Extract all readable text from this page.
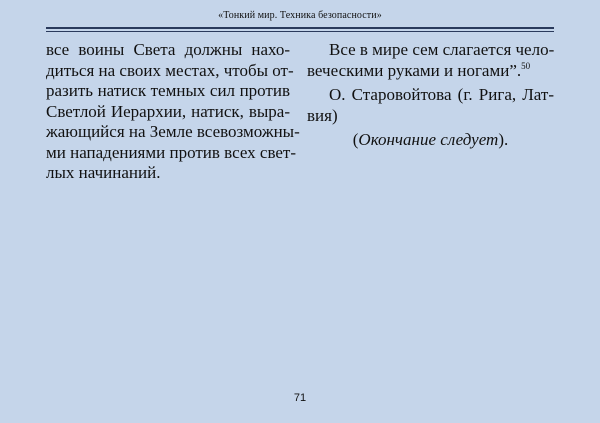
«Тонкий мир. Техника безопасности»
все воины Света должны нахо-
диться на своих местах, чтобы от-
разить натиск темных сил против
Светлой Иерархии, натиск, выра-
жающийся на Земле всевозможны-
ми нападениями против всех свет-
лых начинаний.
Все в мире сем слагается чело-
веческими руками и ногами”.$^{50}$
О. Старовойтова (г. Рига, Лат-
вия)
(Окончание следует).
71
